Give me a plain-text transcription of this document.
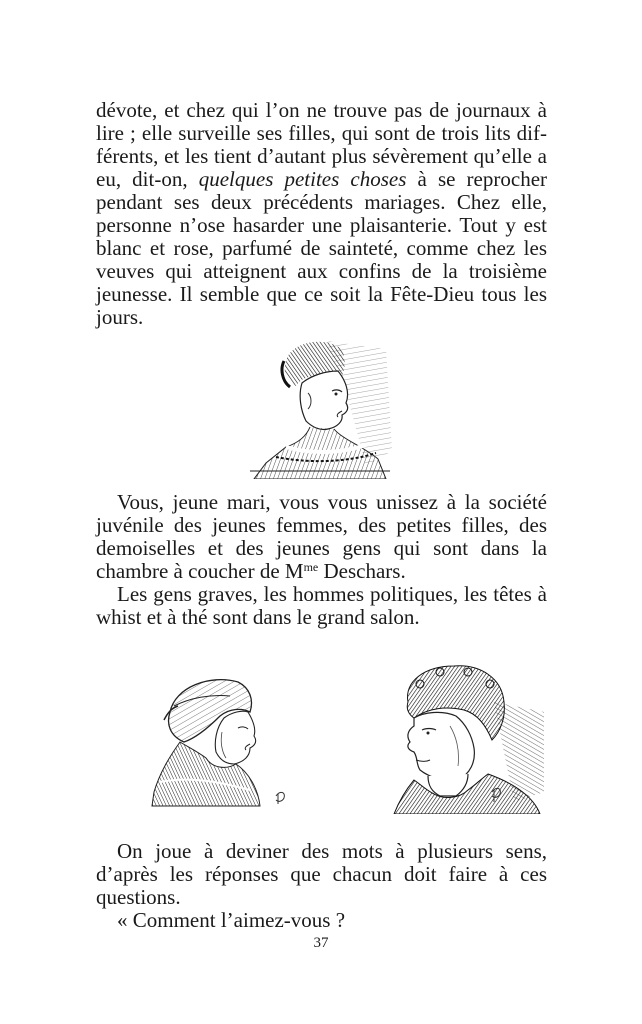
dévote, et chez qui l’on ne trouve pas de journaux à lire ; elle surveille ses filles, qui sont de trois lits différents, et les tient d’autant plus sévèrement qu’elle a eu, dit-on, quelques petites choses à se reprocher pendant ses deux précédents mariages. Chez elle, personne n’ose hasarder une plaisanterie. Tout y est blanc et rose, parfumé de sainteté, comme chez les veuves qui atteignent aux confins de la troisième jeunesse. Il semble que ce soit la Fête-Dieu tous les jours.

Vous, jeune mari, vous vous unissez à la société juvénile des jeunes femmes, des petites filles, des demoiselles et des jeunes gens qui sont dans la chambre à coucher de $M^{me}$ Deschars.

Les gens graves, les hommes politiques, les têtes à whist et à thé sont dans le grand salon.

On joue à deviner des mots à plusieurs sens, d’après les réponses que chacun doit faire à ces questions.

« Comment l’aimez-vous ?

37
